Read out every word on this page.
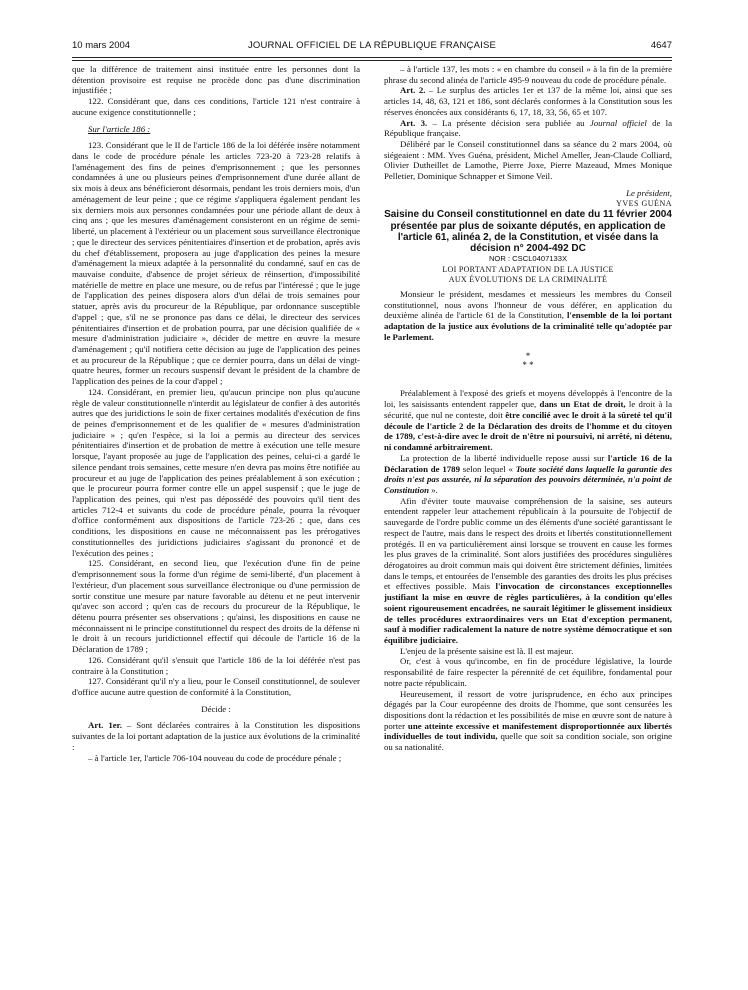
10 mars 2004	JOURNAL OFFICIEL DE LA RÉPUBLIQUE FRANÇAISE	4647

que la différence de traitement ainsi instituée entre les personnes dont la détention provisoire est requise ne procède donc pas d'une discrimination injustifiée ;

122. Considérant que, dans ces conditions, l'article 121 n'est contraire à aucune exigence constitutionnelle ;

Sur l'article 186 :

123. Considérant que le II de l'article 186 de la loi déférée insère notamment dans le code de procédure pénale les articles 723-20 à 723-28 relatifs à l'aménagement des fins de peines d'emprisonnement ; que les personnes condamnées à une ou plusieurs peines d'emprisonnement d'une durée allant de six mois à deux ans bénéficieront désormais, pendant les trois derniers mois, d'un aménagement de leur peine ; que ce régime s'appliquera également pendant les six derniers mois aux personnes condamnées pour une période allant de deux à cinq ans ; que les mesures d'aménagement consisteront en un régime de semi-liberté, un placement à l'extérieur ou un placement sous surveillance électronique ; que le directeur des services pénitentiaires d'insertion et de probation, après avis du chef d'établissement, proposera au juge d'application des peines la mesure d'aménagement la mieux adaptée à la personnalité du condamné, sauf en cas de mauvaise conduite, d'absence de projet sérieux de réinsertion, d'impossibilité matérielle de mettre en place une mesure, ou de refus par l'intéressé ; que le juge de l'application des peines disposera alors d'un délai de trois semaines pour statuer, après avis du procureur de la République, par ordonnance susceptible d'appel ; que, s'il ne se prononce pas dans ce délai, le directeur des services pénitentiaires d'insertion et de probation pourra, par une décision qualifiée de « mesure d'administration judiciaire », décider de mettre en œuvre la mesure d'aménagement ; qu'il notifiera cette décision au juge de l'application des peines et au procureur de la République ; que ce dernier pourra, dans un délai de vingt-quatre heures, former un recours suspensif devant le président de la chambre de l'application des peines de la cour d'appel ;

124. Considérant, en premier lieu, qu'aucun principe non plus qu'aucune règle de valeur constitutionnelle n'interdit au législateur de confier à des autorités autres que des juridictions le soin de fixer certaines modalités d'exécution de fins de peines d'emprisonnement et de les qualifier de « mesures d'administration judiciaire » ; qu'en l'espèce, si la loi a permis au directeur des services pénitentiaires d'insertion et de probation de mettre à exécution une telle mesure lorsque, l'ayant proposée au juge de l'application des peines, celui-ci a gardé le silence pendant trois semaines, cette mesure n'en devra pas moins être notifiée au procureur et au juge de l'application des peines préalablement à son exécution ; que le procureur pourra former contre elle un appel suspensif ; que le juge de l'application des peines, qui n'est pas dépossédé des pouvoirs qu'il tient des articles 712-4 et suivants du code de procédure pénale, pourra la révoquer d'office conformément aux dispositions de l'article 723-26 ; que, dans ces conditions, les dispositions en cause ne méconnaissent pas les prérogatives constitutionnelles des juridictions judiciaires s'agissant du prononcé et de l'exécution des peines ;

125. Considérant, en second lieu, que l'exécution d'une fin de peine d'emprisonnement sous la forme d'un régime de semi-liberté, d'un placement à l'extérieur, d'un placement sous surveillance électronique ou d'une permission de sortir constitue une mesure par nature favorable au détenu et ne peut intervenir qu'avec son accord ; qu'en cas de recours du procureur de la République, le détenu pourra présenter ses observations ; qu'ainsi, les dispositions en cause ne méconnaissent ni le principe constitutionnel du respect des droits de la défense ni le droit à un recours juridictionnel effectif qui découle de l'article 16 de la Déclaration de 1789 ;

126. Considérant qu'il s'ensuit que l'article 186 de la loi déférée n'est pas contraire à la Constitution ;

127. Considérant qu'il n'y a lieu, pour le Conseil constitutionnel, de soulever d'office aucune autre question de conformité à la Constitution,

Décide :

Art. 1er. – Sont déclarées contraires à la Constitution les dispositions suivantes de la loi portant adaptation de la justice aux évolutions de la criminalité :

– à l'article 1er, l'article 706-104 nouveau du code de procédure pénale ;

– à l'article 137, les mots : « en chambre du conseil » à la fin de la première phrase du second alinéa de l'article 495-9 nouveau du code de procédure pénale.

Art. 2. – Le surplus des articles 1er et 137 de la même loi, ainsi que ses articles 14, 48, 63, 121 et 186, sont déclarés conformes à la Constitution sous les réserves énoncées aux considérants 6, 17, 18, 33, 56, 65 et 107.

Art. 3. – La présente décision sera publiée au Journal officiel de la République française.

Délibéré par le Conseil constitutionnel dans sa séance du 2 mars 2004, où siégeaient : MM. Yves Guéna, président, Michel Ameller, Jean-Claude Colliard, Olivier Dutheillet de Lamothe, Pierre Joxe, Pierre Mazeaud, Mmes Monique Pelletier, Dominique Schnapper et Simone Veil.

Le président,

YVES GUÉNA

Saisine du Conseil constitutionnel en date du 11 février 2004 présentée par plus de soixante députés, en application de l'article 61, alinéa 2, de la Constitution, et visée dans la décision n° 2004-492 DC

NOR : CSCL0407133X

LOI PORTANT ADAPTATION DE LA JUSTICE

AUX ÉVOLUTIONS DE LA CRIMINALITÉ

Monsieur le président, mesdames et messieurs les membres du Conseil constitutionnel, nous avons l'honneur de vous déférer, en application du deuxième alinéa de l'article 61 de la Constitution, l'ensemble de la loi portant adaptation de la justice aux évolutions de la criminalité telle qu'adoptée par le Parlement.

*
* *

Préalablement à l'exposé des griefs et moyens développés à l'encontre de la loi, les saisissants entendent rappeler que, dans un Etat de droit, le droit à la sécurité, que nul ne conteste, doit être concilié avec le droit à la sûreté tel qu'il découle de l'article 2 de la Déclaration des droits de l'homme et du citoyen de 1789, c'est-à-dire avec le droit de n'être ni poursuivi, ni arrêté, ni détenu, ni condamné arbitrairement.

La protection de la liberté individuelle repose aussi sur l'article 16 de la Déclaration de 1789 selon lequel « Toute société dans laquelle la garantie des droits n'est pas assurée, ni la séparation des pouvoirs déterminée, n'a point de Constitution ».

Afin d'éviter toute mauvaise compréhension de la saisine, ses auteurs entendent rappeler leur attachement républicain à la poursuite de l'objectif de sauvegarde de l'ordre public comme un des éléments d'une société garantissant le respect de l'autre, mais dans le respect des droits et libertés constitutionnellement protégés. Il en va particulièrement ainsi lorsque se trouvent en cause les formes les plus graves de la criminalité. Sont alors justifiées des procédures singulières dérogatoires au droit commun mais qui doivent être strictement définies, limitées dans le temps, et entourées de l'ensemble des garanties des droits les plus précises et effectives possible. Mais l'invocation de circonstances exceptionnelles justifiant la mise en œuvre de règles particulières, à la condition qu'elles soient rigoureusement encadrées, ne saurait légitimer le glissement insidieux de telles procédures extraordinaires vers un Etat d'exception permanent, sauf à modifier radicalement la nature de notre système démocratique et son équilibre judiciaire.

L'enjeu de la présente saisine est là. Il est majeur.

Or, c'est à vous qu'incombe, en fin de procédure législative, la lourde responsabilité de faire respecter la pérennité de cet équilibre, fondamental pour notre pacte républicain.

Heureusement, il ressort de votre jurisprudence, en écho aux principes dégagés par la Cour européenne des droits de l'homme, que sont censurées les dispositions dont la rédaction et les possibilités de mise en œuvre sont de nature à porter une atteinte excessive et manifestement disproportionnée aux libertés individuelles de tout individu, quelle que soit sa condition sociale, son origine ou sa nationalité.
